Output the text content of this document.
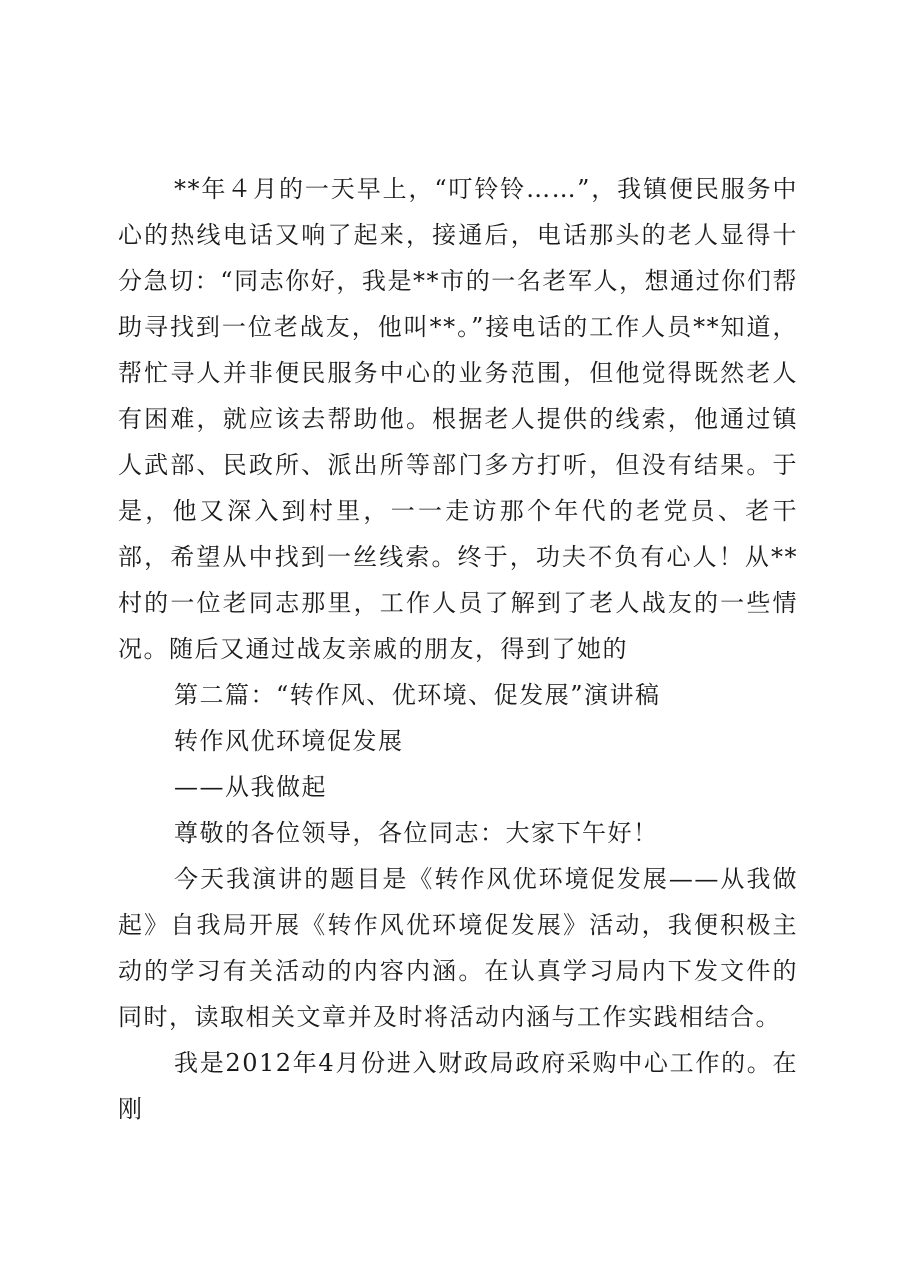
**年４月的一天早上，“叮铃铃……”，我镇便民服务中心的热线电话又响了起来，接通后，电话那头的老人显得十分急切：“同志你好，我是**市的一名老军人，想通过你们帮助寻找到一位老战友，他叫**。”接电话的工作人员**知道，帮忙寻人并非便民服务中心的业务范围，但他觉得既然老人有困难，就应该去帮助他。根据老人提供的线索，他通过镇人武部、民政所、派出所等部门多方打听，但没有结果。于是，他又深入到村里，一一走访那个年代的老党员、老干部，希望从中找到一丝线索。终于，功夫不负有心人！从**村的一位老同志那里，工作人员了解到了老人战友的一些情况。随后又通过战友亲戚的朋友，得到了她的

第二篇：“转作风、优环境、促发展”演讲稿

转作风优环境促发展

——从我做起

尊敬的各位领导，各位同志：大家下午好！

今天我演讲的题目是《转作风优环境促发展——从我做起》自我局开展《转作风优环境促发展》活动，我便积极主动的学习有关活动的内容内涵。在认真学习局内下发文件的同时，读取相关文章并及时将活动内涵与工作实践相结合。

我是2012年4月份进入财政局政府采购中心工作的。在刚
